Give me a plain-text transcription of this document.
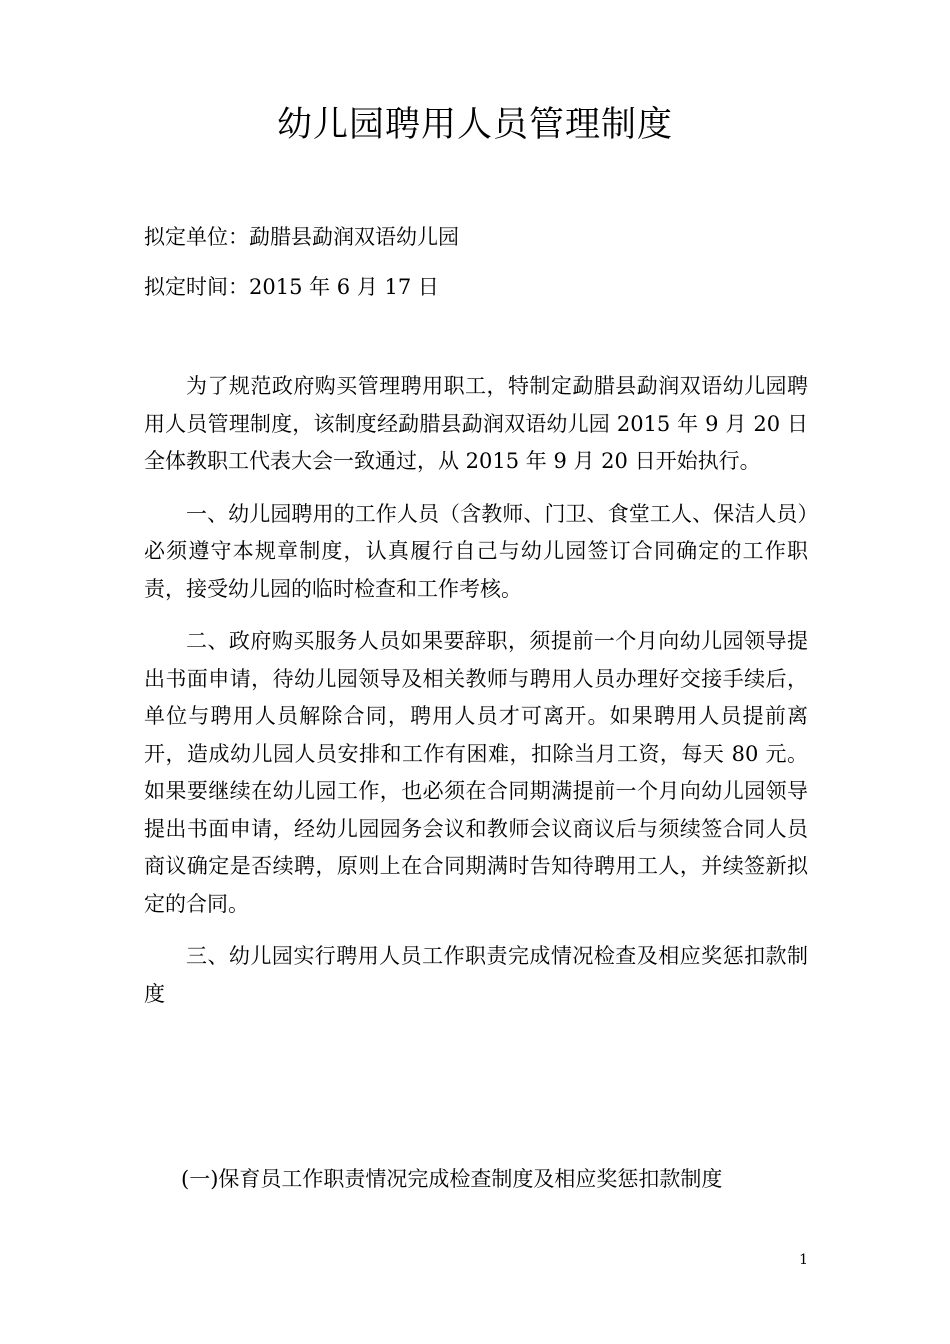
幼儿园聘用人员管理制度

拟定单位：勐腊县勐润双语幼儿园

拟定时间：2015 年 6 月 17 日

为了规范政府购买管理聘用职工，特制定勐腊县勐润双语幼儿园聘用人员管理制度，该制度经勐腊县勐润双语幼儿园 2015 年 9 月 20 日全体教职工代表大会一致通过，从 2015 年 9 月 20 日开始执行。

一、幼儿园聘用的工作人员（含教师、门卫、食堂工人、保洁人员）必须遵守本规章制度，认真履行自己与幼儿园签订合同确定的工作职责，接受幼儿园的临时检查和工作考核。

二、政府购买服务人员如果要辞职，须提前一个月向幼儿园领导提出书面申请，待幼儿园领导及相关教师与聘用人员办理好交接手续后，单位与聘用人员解除合同，聘用人员才可离开。如果聘用人员提前离开，造成幼儿园人员安排和工作有困难，扣除当月工资，每天 80 元。如果要继续在幼儿园工作，也必须在合同期满提前一个月向幼儿园领导提出书面申请，经幼儿园园务会议和教师会议商议后与须续签合同人员商议确定是否续聘，原则上在合同期满时告知待聘用工人，并续签新拟定的合同。

三、幼儿园实行聘用人员工作职责完成情况检查及相应奖惩扣款制度

(一)保育员工作职责情况完成检查制度及相应奖惩扣款制度

1
